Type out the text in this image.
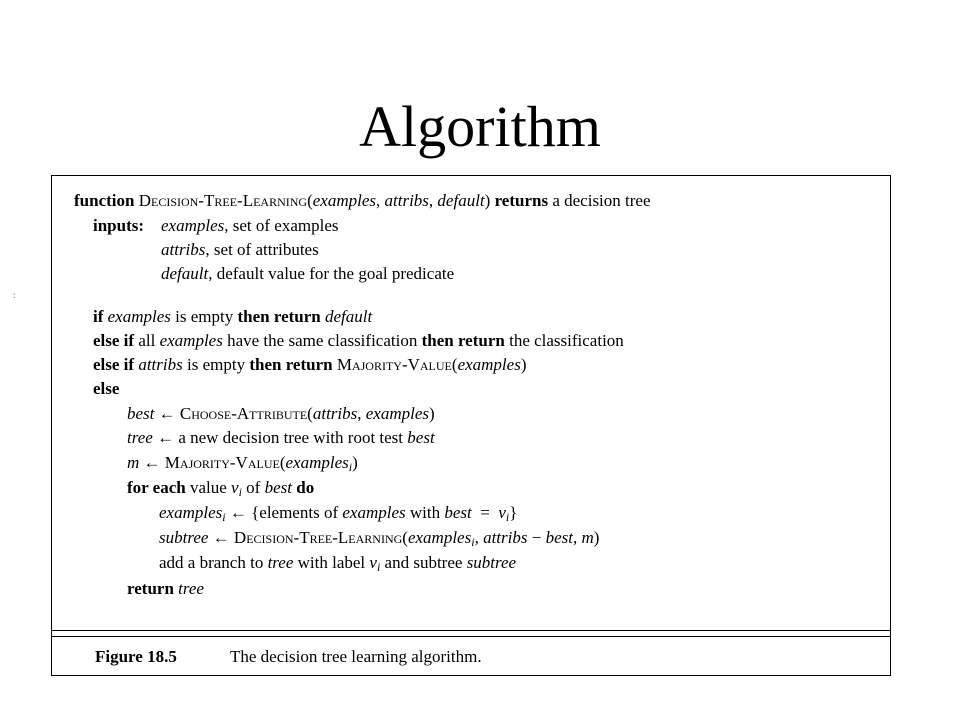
Algorithm
:
function Decision-Tree-Learning(examples, attribs, default) returns a decision tree
inputs: examples, set of examples
attribs, set of attributes
default, default value for the goal predicate
if examples is empty then return default
else if all examples have the same classification then return the classification
else if attribs is empty then return Majority-Value(examples)
else
best ← Choose-Attribute(attribs, examples)
tree ← a new decision tree with root test best
m ← Majority-Value(examples$_i$)
for each value $v_i$ of best do
examples$_i$ ← {elements of examples with best = $v_i$}
subtree ← Decision-Tree-Learning(examples$_i$, attribs − best, m)
add a branch to tree with label $v_i$ and subtree subtree
return tree
Figure 18.5	The decision tree learning algorithm.
